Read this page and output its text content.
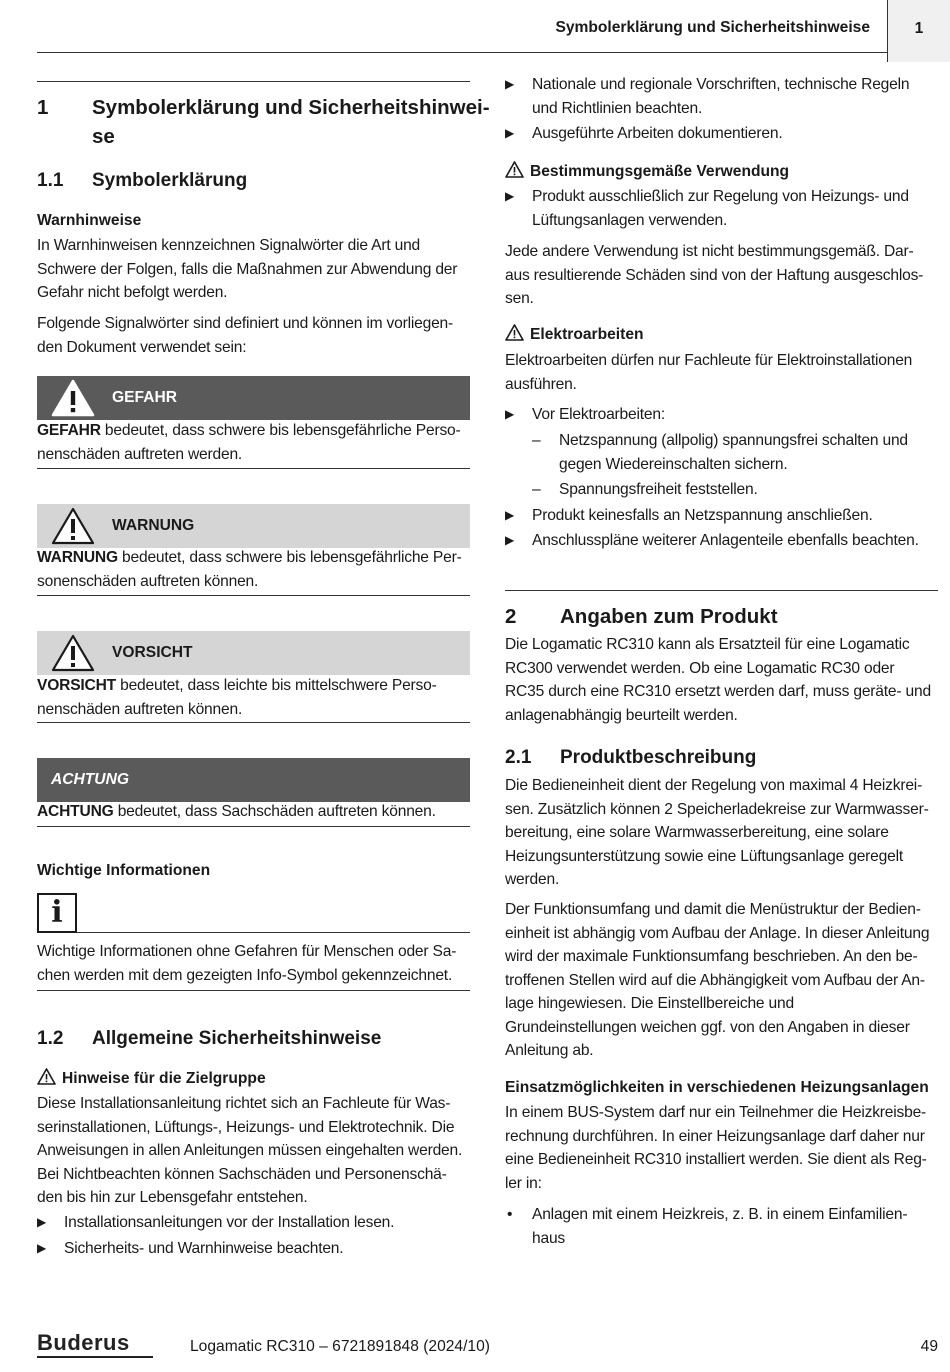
Symbolerklärung und Sicherheitshinweise	1
1 Symbolerklärung und Sicherheitshinwei-
se
1.1 Symbolerklärung
Warnhinweise
In Warnhinweisen kennzeichnen Signalwörter die Art und
Schwere der Folgen, falls die Maßnahmen zur Abwendung der
Gefahr nicht befolgt werden.
Folgende Signalwörter sind definiert und können im vorliegen-
den Dokument verwendet sein:
GEFAHR
GEFAHR bedeutet, dass schwere bis lebensgefährliche Perso-
nenschäden auftreten werden.
WARNUNG
WARNUNG bedeutet, dass schwere bis lebensgefährliche Per-
sonenschäden auftreten können.
VORSICHT
VORSICHT bedeutet, dass leichte bis mittelschwere Perso-
nenschäden auftreten können.
ACHTUNG
ACHTUNG bedeutet, dass Sachschäden auftreten können.
Wichtige Informationen
i
Wichtige Informationen ohne Gefahren für Menschen oder Sa-
chen werden mit dem gezeigten Info-Symbol gekennzeichnet.
1.2 Allgemeine Sicherheitshinweise
Hinweise für die Zielgruppe
Diese Installationsanleitung richtet sich an Fachleute für Was-
serinstallationen, Lüftungs-, Heizungs- und Elektrotechnik. Die
Anweisungen in allen Anleitungen müssen eingehalten werden.
Bei Nichtbeachten können Sachschäden und Personenschä-
den bis hin zur Lebensgefahr entstehen.
▶ Installationsanleitungen vor der Installation lesen.
▶ Sicherheits- und Warnhinweise beachten.
▶ Nationale und regionale Vorschriften, technische Regeln
und Richtlinien beachten.
▶ Ausgeführte Arbeiten dokumentieren.
Bestimmungsgemäße Verwendung
▶ Produkt ausschließlich zur Regelung von Heizungs- und
Lüftungsanlagen verwenden.
Jede andere Verwendung ist nicht bestimmungsgemäß. Dar-
aus resultierende Schäden sind von der Haftung ausgeschlos-
sen.
Elektroarbeiten
Elektroarbeiten dürfen nur Fachleute für Elektroinstallationen
ausführen.
▶ Vor Elektroarbeiten:
– Netzspannung (allpolig) spannungsfrei schalten und
gegen Wiedereinschalten sichern.
– Spannungsfreiheit feststellen.
▶ Produkt keinesfalls an Netzspannung anschließen.
▶ Anschlusspläne weiterer Anlagenteile ebenfalls beachten.
2 Angaben zum Produkt
Die Logamatic RC310 kann als Ersatzteil für eine Logamatic
RC300 verwendet werden. Ob eine Logamatic RC30 oder
RC35 durch eine RC310 ersetzt werden darf, muss geräte- und
anlagenabhängig beurteilt werden.
2.1 Produktbeschreibung
Die Bedieneinheit dient der Regelung von maximal 4 Heizkrei-
sen. Zusätzlich können 2 Speicherladekreise zur Warmwasser-
bereitung, eine solare Warmwasserbereitung, eine solare
Heizungsunterstützung sowie eine Lüftungsanlage geregelt
werden.
Der Funktionsumfang und damit die Menüstruktur der Bedien-
einheit ist abhängig vom Aufbau der Anlage. In dieser Anleitung
wird der maximale Funktionsumfang beschrieben. An den be-
troffenen Stellen wird auf die Abhängigkeit vom Aufbau der An-
lage hingewiesen. Die Einstellbereiche und
Grundeinstellungen weichen ggf. von den Angaben in dieser
Anleitung ab.
Einsatzmöglichkeiten in verschiedenen Heizungsanlagen
In einem BUS-System darf nur ein Teilnehmer die Heizkreisbe-
rechnung durchführen. In einer Heizungsanlage darf daher nur
eine Bedieneinheit RC310 installiert werden. Sie dient als Reg-
ler in:
• Anlagen mit einem Heizkreis, z. B. in einem Einfamilien-
haus
Buderus	Logamatic RC310 – 6721891848 (2024/10)	49
